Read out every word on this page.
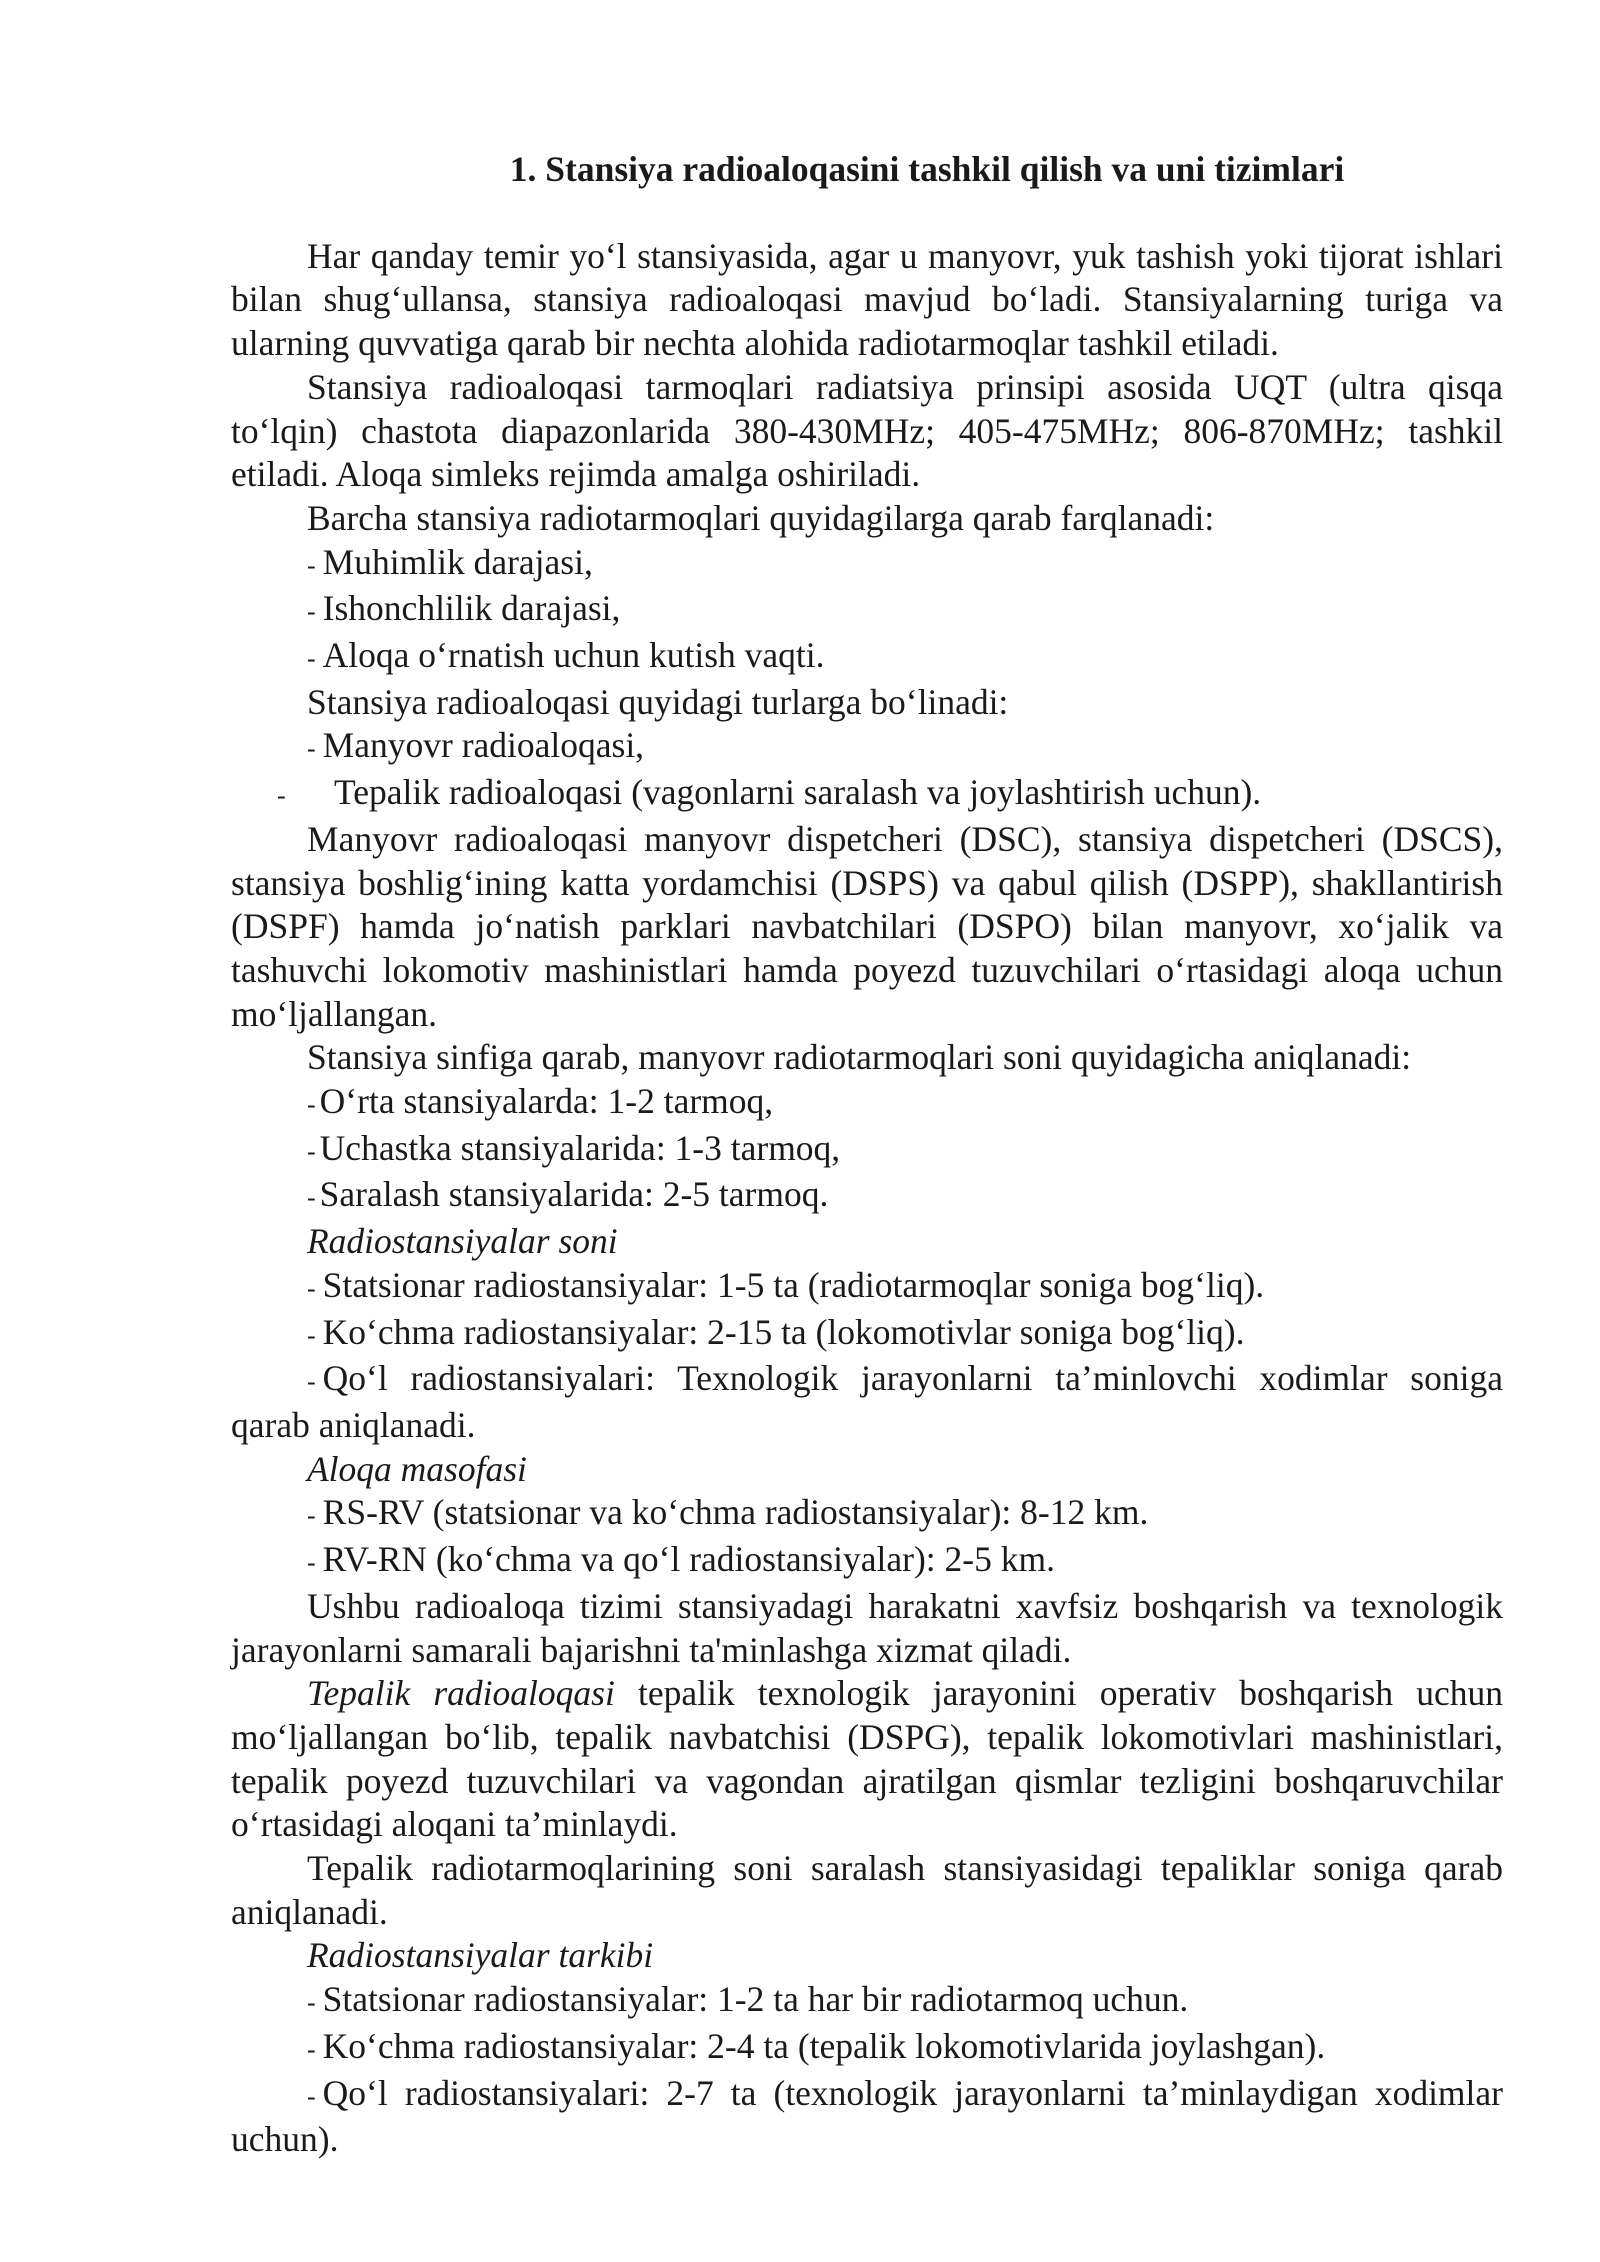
1. Stansiya radioaloqasini tashkil qilish va uni tizimlari

Har qanday temir yo‘l stansiyasida, agar u manyovr, yuk tashish yoki tijorat ishlari bilan shug‘ullansa, stansiya radioaloqasi mavjud bo‘ladi. Stansiyalarning turiga va ularning quvvatiga qarab bir nechta alohida radiotarmoqlar tashkil etiladi.

Stansiya radioaloqasi tarmoqlari radiatsiya prinsipi asosida UQT (ultra qisqa to‘lqin) chastota diapazonlarida 380-430MHz; 405-475MHz; 806-870MHz; tashkil etiladi. Aloqa simleks rejimda amalga oshiriladi.

Barcha stansiya radiotarmoqlari quyidagilarga qarab farqlanadi:

- Muhimlik darajasi,

- Ishonchlilik darajasi,

- Aloqa o‘rnatish uchun kutish vaqti.

Stansiya radioaloqasi quyidagi turlarga bo‘linadi:

- Manyovr radioaloqasi,

- Tepalik radioaloqasi (vagonlarni saralash va joylashtirish uchun).

Manyovr radioaloqasi manyovr dispetcheri (DSC), stansiya dispetcheri (DSCS), stansiya boshlig‘ining katta yordamchisi (DSPS) va qabul qilish (DSPP), shakllantirish (DSPF) hamda jo‘natish parklari navbatchilari (DSPO) bilan manyovr, xo‘jalik va tashuvchi lokomotiv mashinistlari hamda poyezd tuzuvchilari o‘rtasidagi aloqa uchun mo‘ljallangan.

Stansiya sinfiga qarab, manyovr radiotarmoqlari soni quyidagicha aniqlanadi:

- O‘rta stansiyalarda: 1-2 tarmoq,

- Uchastka stansiyalarida: 1-3 tarmoq,

- Saralash stansiyalarida: 2-5 tarmoq.

Radiostansiyalar soni

- Statsionar radiostansiyalar: 1-5 ta (radiotarmoqlar soniga bog‘liq).

- Ko‘chma radiostansiyalar: 2-15 ta (lokomotivlar soniga bog‘liq).

- Qo‘l radiostansiyalari: Texnologik jarayonlarni ta’minlovchi xodimlar soniga qarab aniqlanadi.

Aloqa masofasi

- RS-RV (statsionar va ko‘chma radiostansiyalar): 8-12 km.

- RV-RN (ko‘chma va qo‘l radiostansiyalar): 2-5 km.

Ushbu radioaloqa tizimi stansiyadagi harakatni xavfsiz boshqarish va texnologik jarayonlarni samarali bajarishni ta'minlashga xizmat qiladi.

Tepalik radioaloqasi tepalik texnologik jarayonini operativ boshqarish uchun mo‘ljallangan bo‘lib, tepalik navbatchisi (DSPG), tepalik lokomotivlari mashinistlari, tepalik poyezd tuzuvchilari va vagondan ajratilgan qismlar tezligini boshqaruvchilar o‘rtasidagi aloqani ta’minlaydi.

Tepalik radiotarmoqlarining soni saralash stansiyasidagi tepaliklar soniga qarab aniqlanadi.

Radiostansiyalar tarkibi

- Statsionar radiostansiyalar: 1-2 ta har bir radiotarmoq uchun.

- Ko‘chma radiostansiyalar: 2-4 ta (tepalik lokomotivlarida joylashgan).

- Qo‘l radiostansiyalari: 2-7 ta (texnologik jarayonlarni ta’minlaydigan xodimlar uchun).
